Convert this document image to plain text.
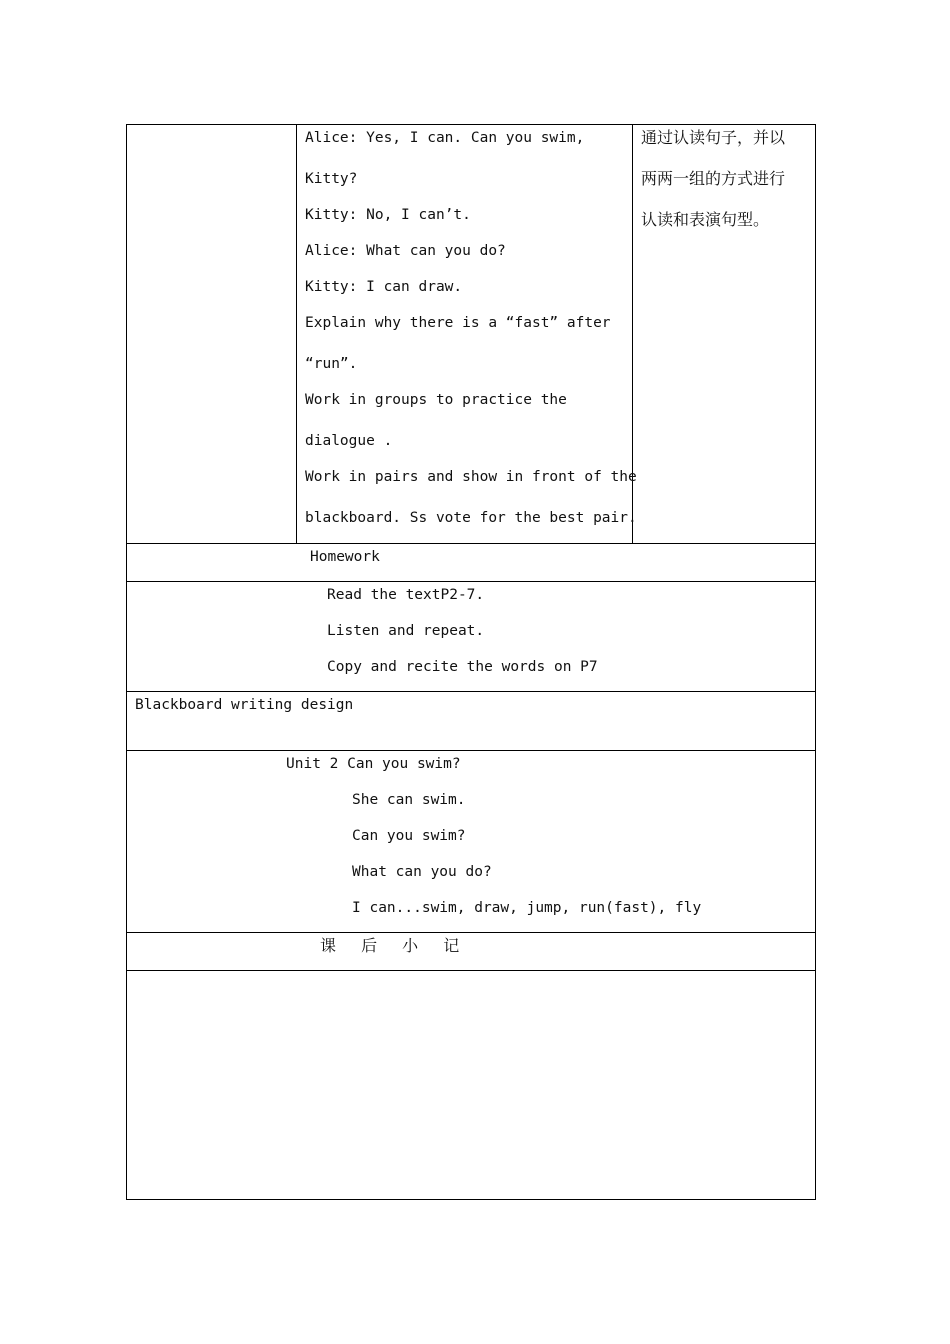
Alice: Yes, I can. Can you swim,
Kitty?
Kitty: No, I can’t.
Alice: What can you do?
Kitty: I can draw.
Explain why there is a “fast” after
“run”.
Work in groups to practice the
dialogue .
Work in pairs and show in front of the
blackboard. Ss vote for the best pair.
通过认读句子，并以
两两一组的方式进行
认读和表演句型。
Homework
Read the textP2-7.
Listen and repeat.
Copy and recite the words on P7
Blackboard writing design
Unit 2 Can you swim?
She can swim.
Can you swim?
What can you do?
I can...swim, draw, jump, run(fast), fly
课 后 小 记
